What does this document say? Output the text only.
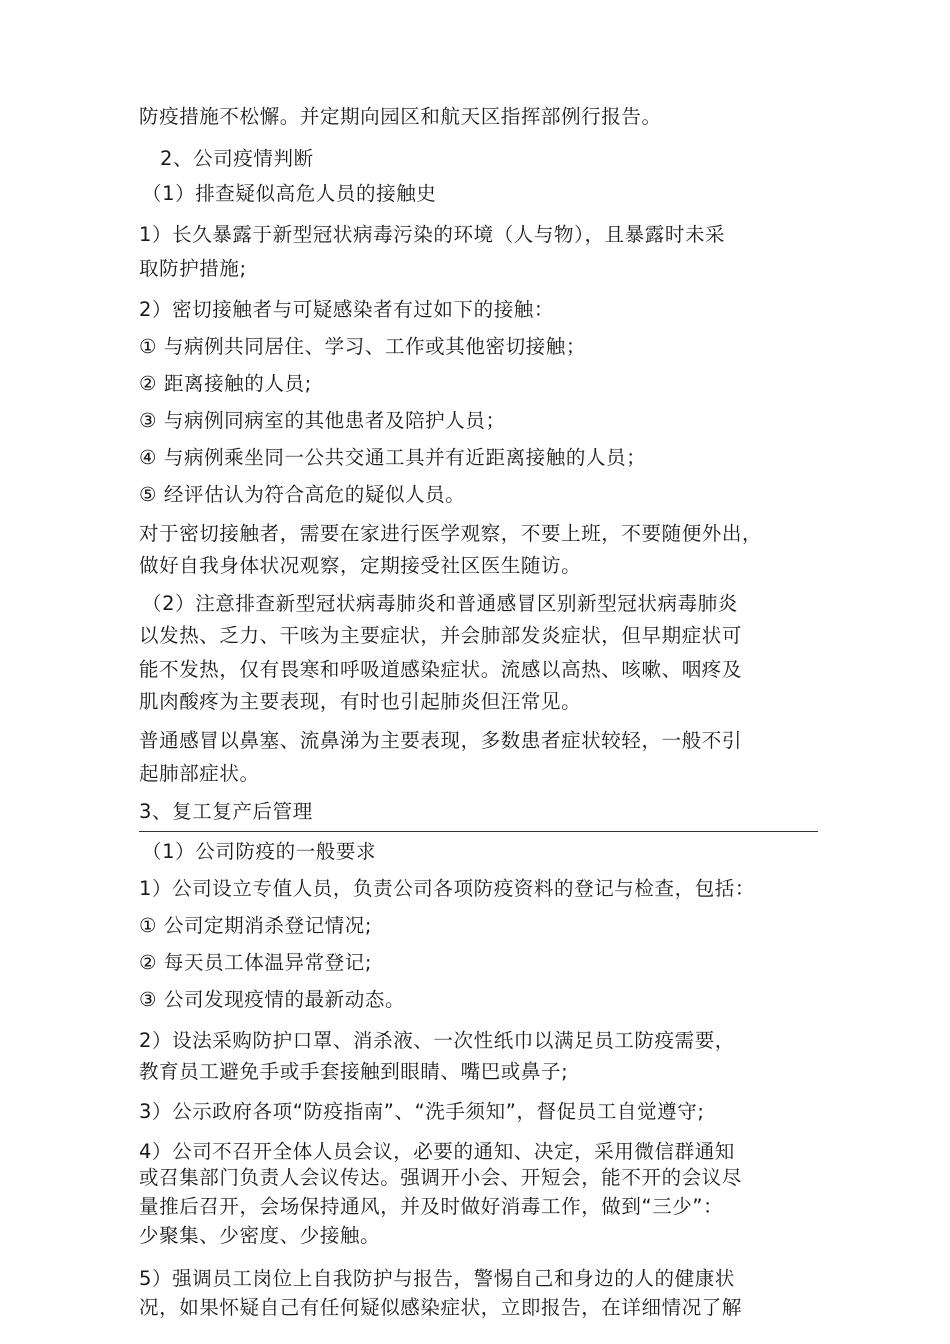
防疫措施不松懈。并定期向园区和航天区指挥部例行报告。
2、公司疫情判断
（1）排查疑似高危人员的接触史
1）长久暴露于新型冠状病毒污染的环境（人与物），且暴露时未采
取防护措施;
2）密切接触者与可疑感染者有过如下的接触：
① 与病例共同居住、学习、工作或其他密切接触；
② 距离接触的人员;
③ 与病例同病室的其他患者及陪护人员；
④ 与病例乘坐同一公共交通工具并有近距离接触的人员；
⑤ 经评估认为符合高危的疑似人员。
对于密切接触者，需要在家进行医学观察，不要上班，不要随便外出，
做好自我身体状况观察，定期接受社区医生随访。
（2）注意排查新型冠状病毒肺炎和普通感冒区别新型冠状病毒肺炎
以发热、乏力、干咳为主要症状，并会肺部发炎症状，但早期症状可
能不发热，仅有畏寒和呼吸道感染症状。流感以高热、咳嗽、咽疼及
肌肉酸疼为主要表现，有时也引起肺炎但汪常见。
普通感冒以鼻塞、流鼻涕为主要表现，多数患者症状较轻，一般不引
起肺部症状。
3、复工复产后管理
（1）公司防疫的一般要求
1）公司设立专值人员，负责公司各项防疫资料的登记与检查，包括：
① 公司定期消杀登记情况;
② 每天员工体温异常登记;
③ 公司发现疫情的最新动态。
2）设法采购防护口罩、消杀液、一次性纸巾以满足员工防疫需要，
教育员工避免手或手套接触到眼睛、嘴巴或鼻子;
3）公示政府各项“防疫指南”、“洗手须知”，督促员工自觉遵守;
4）公司不召开全体人员会议，必要的通知、决定，采用微信群通知
或召集部门负责人会议传达。强调开小会、开短会，能不开的会议尽
量推后召开，会场保持通风，并及时做好消毒工作，做到“三少”：
少聚集、少密度、少接触。
5）强调员工岗位上自我防护与报告，警惕自己和身边的人的健康状
况，如果怀疑自己有任何疑似感染症状，立即报告，在详细情况了解
